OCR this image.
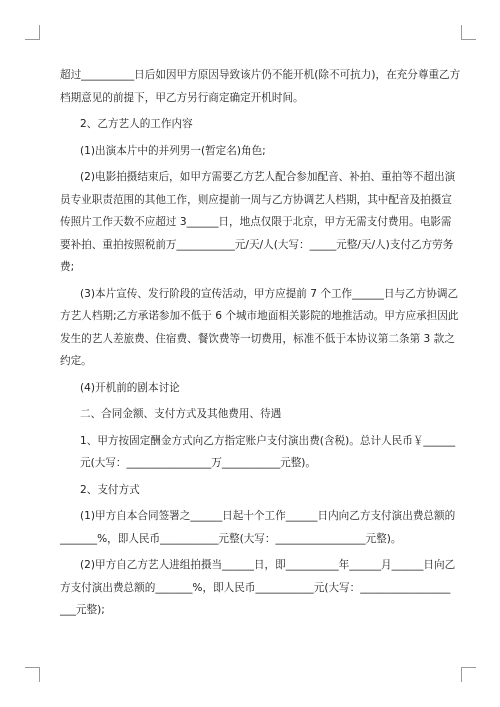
超过__________日后如因甲方原因导致该片仍不能开机(除不可抗力)，在充分尊重乙方
档期意见的前提下，甲乙方另行商定确定开机时间。
2、乙方艺人的工作内容
(1)出演本片中的并列男一(暂定名)角色;
(2)电影拍摄结束后，如甲方需要乙方艺人配合参加配音、补拍、重拍等不超出演
员专业职责范围的其他工作，则应提前一周与乙方协调艺人档期，其中配音及拍摄宣
传照片工作天数不应超过 3______日，地点仅限于北京，甲方无需支付费用。电影需
要补拍、重拍按照税前万___________元/天/人(大写：_____元整/天/人)支付乙方劳务
费;
(3)本片宣传、发行阶段的宣传活动，甲方应提前 7 个工作______日与乙方协调乙
方艺人档期;乙方承诺参加不低于 6 个城市地面相关影院的地推活动。甲方应承担因此
发生的艺人差旅费、住宿费、餐饮费等一切费用，标准不低于本协议第二条第 3 款之
约定。
(4)开机前的剧本讨论
二、合同金额、支付方式及其他费用、待遇
1、甲方按固定酬金方式向乙方指定账户支付演出费(含税)。总计人民币￥______
元(大写：________________万___________元整)。
2、支付方式
(1)甲方自本合同签署之______日起十个工作______日内向乙方支付演出费总额的
_______%，即人民币___________元整(大写：_________________元整)。
(2)甲方自乙方艺人进组拍摄当______日，即__________年______月______日向乙
方支付演出费总额的_______%，即人民币___________元(大写：_________________
___元整);
